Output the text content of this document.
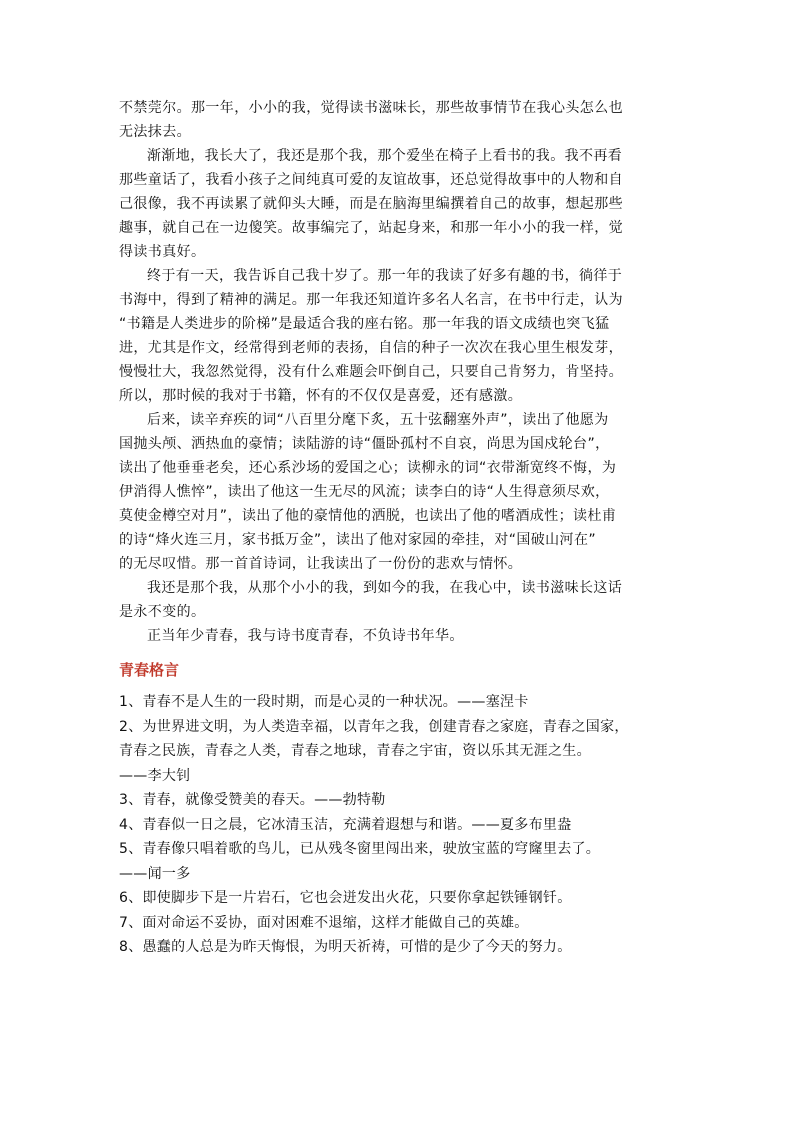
不禁莞尔。那一年，小小的我，觉得读书滋味长，那些故事情节在我心头怎么也
无法抹去。
渐渐地，我长大了，我还是那个我，那个爱坐在椅子上看书的我。我不再看
那些童话了，我看小孩子之间纯真可爱的友谊故事，还总觉得故事中的人物和自
己很像，我不再读累了就仰头大睡，而是在脑海里编撰着自己的故事，想起那些
趣事，就自己在一边傻笑。故事编完了，站起身来，和那一年小小的我一样，觉
得读书真好。
终于有一天，我告诉自己我十岁了。那一年的我读了好多有趣的书，徜徉于
书海中，得到了精神的满足。那一年我还知道许多名人名言，在书中行走，认为
“书籍是人类进步的阶梯”是最适合我的座右铭。那一年我的语文成绩也突飞猛
进，尤其是作文，经常得到老师的表扬，自信的种子一次次在我心里生根发芽，
慢慢壮大，我忽然觉得，没有什么难题会吓倒自己，只要自己肯努力，肯坚持。
所以，那时候的我对于书籍，怀有的不仅仅是喜爱，还有感激。
后来，读辛弃疾的词“八百里分麾下炙，五十弦翻塞外声”，读出了他愿为
国抛头颅、洒热血的豪情；读陆游的诗“僵卧孤村不自哀，尚思为国戍轮台”，
读出了他垂垂老矣，还心系沙场的爱国之心；读柳永的词“衣带渐宽终不悔，为
伊消得人憔悴”，读出了他这一生无尽的风流；读李白的诗“人生得意须尽欢，
莫使金樽空对月”，读出了他的豪情他的洒脱，也读出了他的嗜酒成性；读杜甫
的诗“烽火连三月，家书抵万金”，读出了他对家园的牵挂，对“国破山河在”
的无尽叹惜。那一首首诗词，让我读出了一份份的悲欢与情怀。
我还是那个我，从那个小小的我，到如今的我，在我心中，读书滋味长这话
是永不变的。
正当年少青春，我与诗书度青春，不负诗书年华。
青春格言
1、青春不是人生的一段时期，而是心灵的一种状况。——塞涅卡
2、为世界进文明，为人类造幸福，以青年之我，创建青春之家庭，青春之国家，
青春之民族，青春之人类，青春之地球，青春之宇宙，资以乐其无涯之生。
——李大钊
3、青春，就像受赞美的春天。——勃特勒
4、青春似一日之晨，它冰清玉洁，充满着遐想与和谐。——夏多布里盎
5、青春像只唱着歌的鸟儿，已从残冬窗里闯出来，驶放宝蓝的穹窿里去了。
——闻一多
6、即使脚步下是一片岩石，它也会迸发出火花，只要你拿起铁锤钢钎。
7、面对命运不妥协，面对困难不退缩，这样才能做自己的英雄。
8、愚蠢的人总是为昨天悔恨，为明天祈祷，可惜的是少了今天的努力。
